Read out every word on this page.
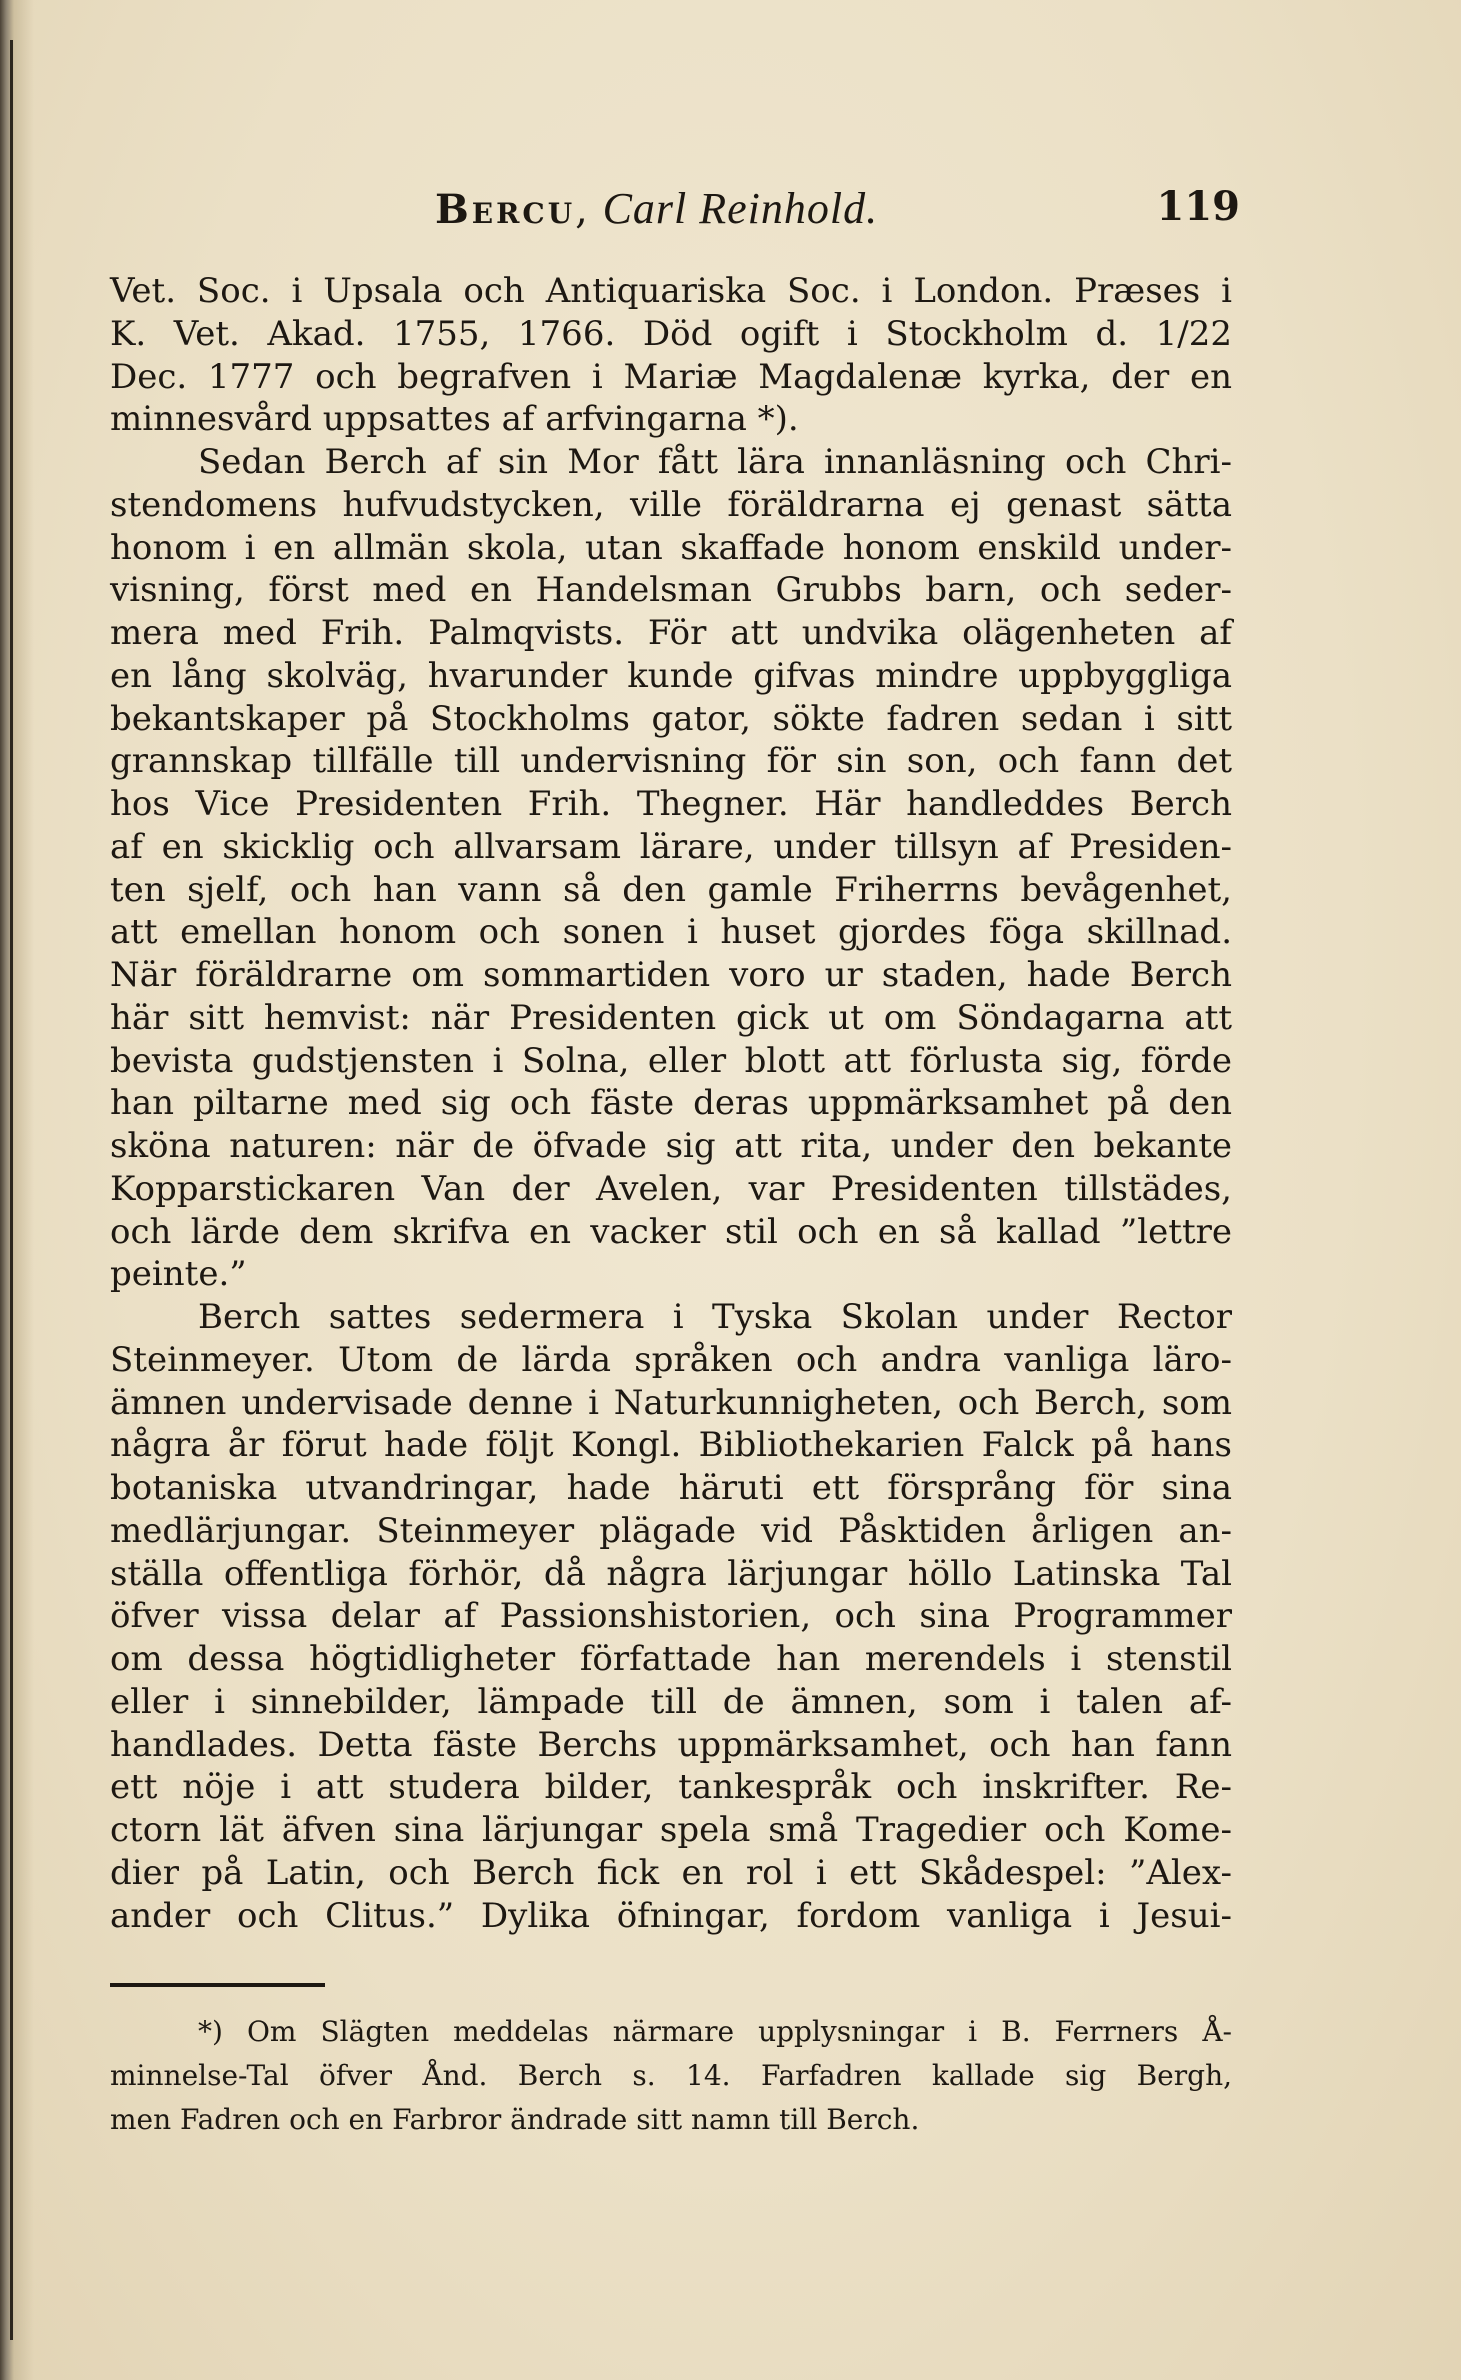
Bercu, Carl Reinhold.	119
Vet. Soc. i Upsala och Antiquariska Soc. i London. Præses i
K. Vet. Akad. 1755, 1766. Död ogift i Stockholm d. 1/22
Dec. 1777 och begrafven i Mariæ Magdalenæ kyrka, der en
minnesvård uppsattes af arfvingarna *).
Sedan Berch af sin Mor fått lära innanläsning och Chri-
stendomens hufvudstycken, ville föräldrarna ej genast sätta
honom i en allmän skola, utan skaffade honom enskild under-
visning, först med en Handelsman Grubbs barn, och seder-
mera med Frih. Palmqvists. För att undvika olägenheten af
en lång skolväg, hvarunder kunde gifvas mindre uppbyggliga
bekantskaper på Stockholms gator, sökte fadren sedan i sitt
grannskap tillfälle till undervisning för sin son, och fann det
hos Vice Presidenten Frih. Thegner. Här handleddes Berch
af en skicklig och allvarsam lärare, under tillsyn af Presiden-
ten sjelf, och han vann så den gamle Friherrns bevågenhet,
att emellan honom och sonen i huset gjordes föga skillnad.
När föräldrarne om sommartiden voro ur staden, hade Berch
här sitt hemvist: när Presidenten gick ut om Söndagarna att
bevista gudstjensten i Solna, eller blott att förlusta sig, förde
han piltarne med sig och fäste deras uppmärksamhet på den
sköna naturen: när de öfvade sig att rita, under den bekante
Kopparstickaren Van der Avelen, var Presidenten tillstädes,
och lärde dem skrifva en vacker stil och en så kallad ”lettre
peinte.”
Berch sattes sedermera i Tyska Skolan under Rector
Steinmeyer. Utom de lärda språken och andra vanliga läro-
ämnen undervisade denne i Naturkunnigheten, och Berch, som
några år förut hade följt Kongl. Bibliothekarien Falck på hans
botaniska utvandringar, hade häruti ett försprång för sina
medlärjungar. Steinmeyer plägade vid Påsktiden årligen an-
ställa offentliga förhör, då några lärjungar höllo Latinska Tal
öfver vissa delar af Passionshistorien, och sina Programmer
om dessa högtidligheter författade han merendels i stenstil
eller i sinnebilder, lämpade till de ämnen, som i talen af-
handlades. Detta fäste Berchs uppmärksamhet, och han fann
ett nöje i att studera bilder, tankespråk och inskrifter. Re-
ctorn lät äfven sina lärjungar spela små Tragedier och Kome-
dier på Latin, och Berch fick en rol i ett Skådespel: ”Alex-
ander och Clitus.” Dylika öfningar, fordom vanliga i Jesui-
*) Om Slägten meddelas närmare upplysningar i B. Ferrners Å-
minnelse-Tal öfver Ånd. Berch s. 14. Farfadren kallade sig Bergh,
men Fadren och en Farbror ändrade sitt namn till Berch.
